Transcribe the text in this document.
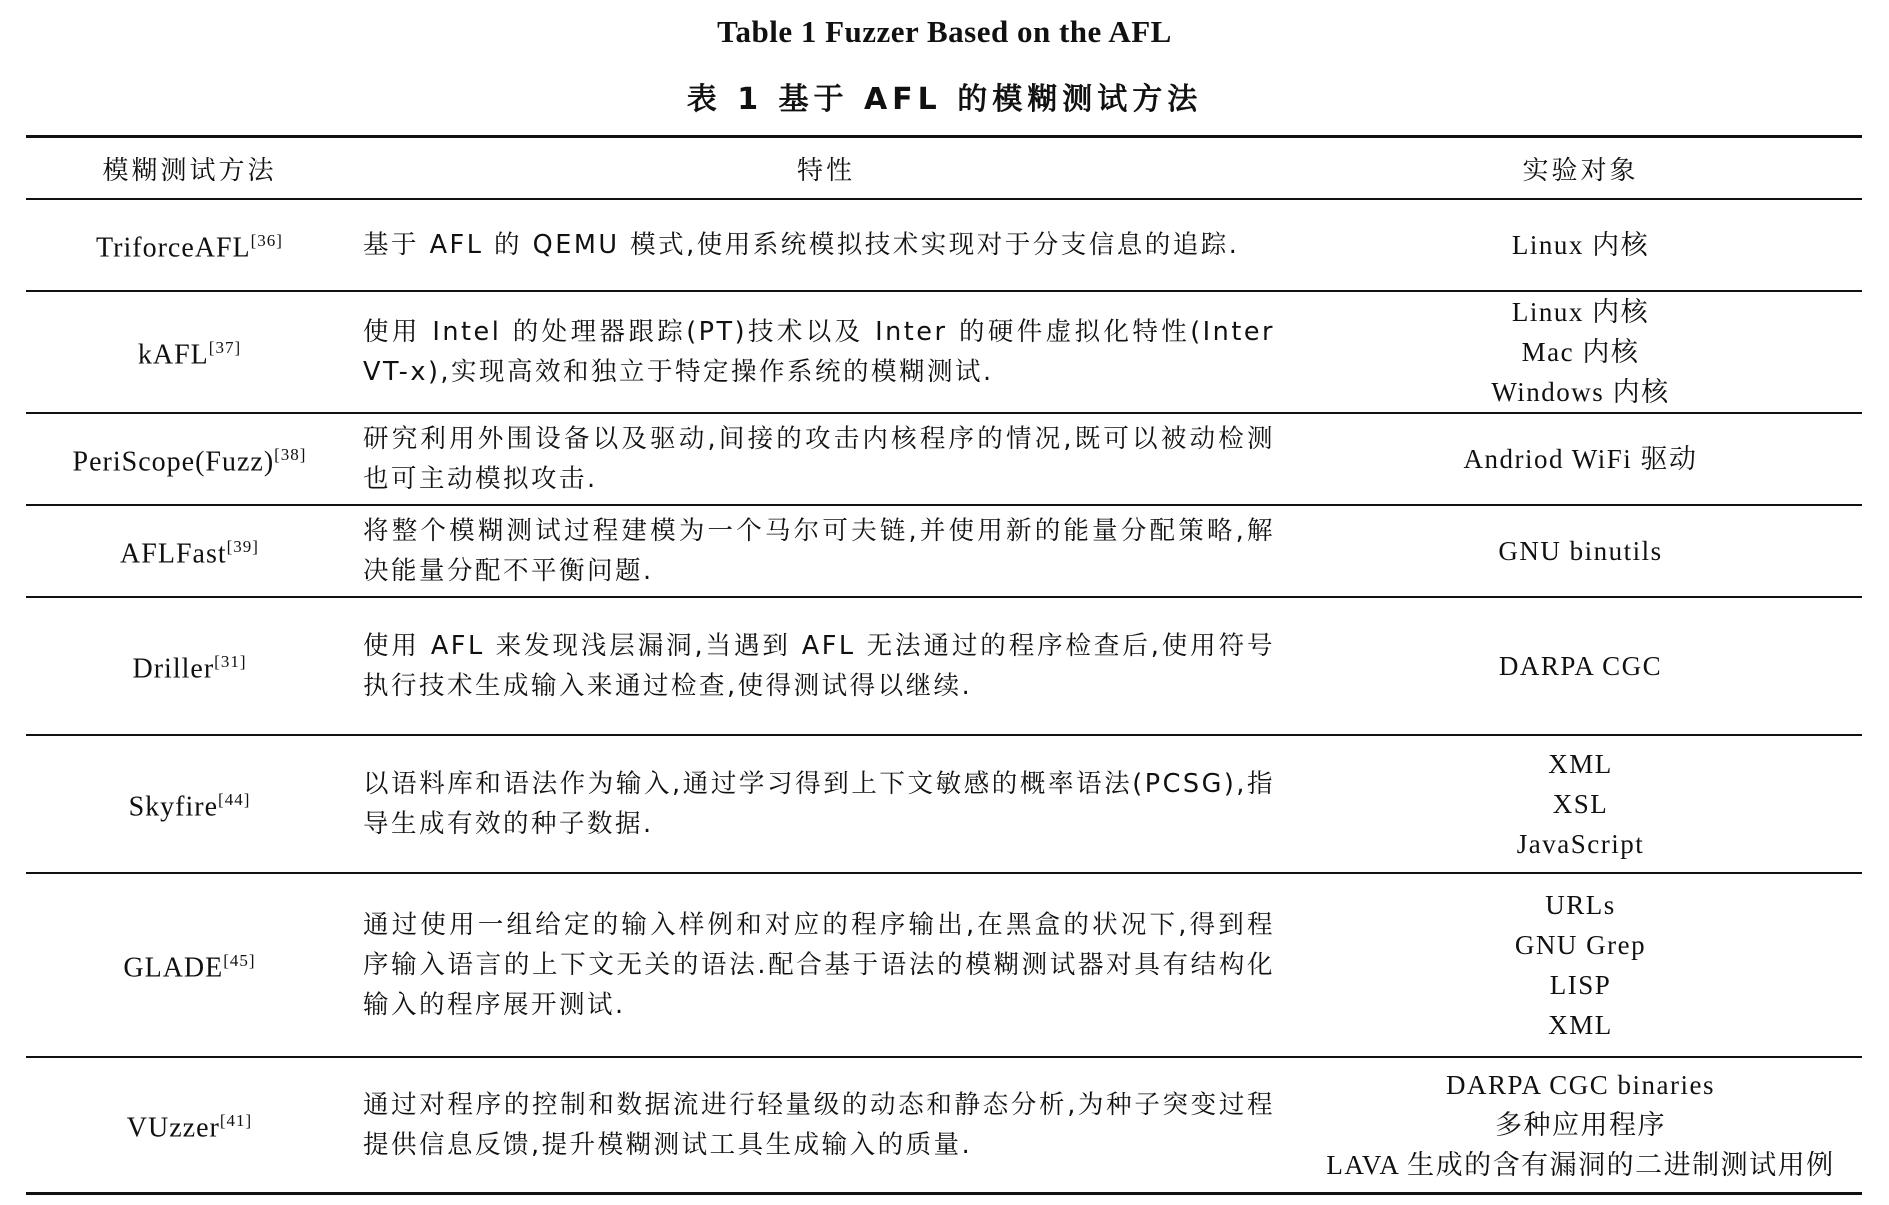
Table 1 Fuzzer Based on the AFL
表 1 基于 AFL 的模糊测试方法
模糊测试方法	特性	实验对象
TriforceAFL[36]	基于 AFL 的 QEMU 模式,使用系统模拟技术实现对于分支信息的追踪.	Linux 内核

kAFL[37]	使用 Intel 的处理器跟踪(PT)技术以及 Inter 的硬件虚拟化特性(Inter VT-x),实现高效和独立于特定操作系统的模糊测试.	Linux 内核
Mac 内核
Windows 内核

PeriScope(Fuzz)[38]	研究利用外围设备以及驱动,间接的攻击内核程序的情况,既可以被动检测也可主动模拟攻击.	Andriod WiFi 驱动

AFLFast[39]	将整个模糊测试过程建模为一个马尔可夫链,并使用新的能量分配策略,解决能量分配不平衡问题.	GNU binutils

Driller[31]	使用 AFL 来发现浅层漏洞,当遇到 AFL 无法通过的程序检查后,使用符号执行技术生成输入来通过检查,使得测试得以继续.	DARPA CGC

Skyfire[44]	以语料库和语法作为输入,通过学习得到上下文敏感的概率语法(PCSG),指导生成有效的种子数据.	XML
XSL
JavaScript

GLADE[45]	通过使用一组给定的输入样例和对应的程序输出,在黑盒的状况下,得到程序输入语言的上下文无关的语法.配合基于语法的模糊测试器对具有结构化输入的程序展开测试.	URLs
GNU Grep
LISP
XML

VUzzer[41]	通过对程序的控制和数据流进行轻量级的动态和静态分析,为种子突变过程提供信息反馈,提升模糊测试工具生成输入的质量.	DARPA CGC binaries
多种应用程序
LAVA 生成的含有漏洞的二进制测试用例
